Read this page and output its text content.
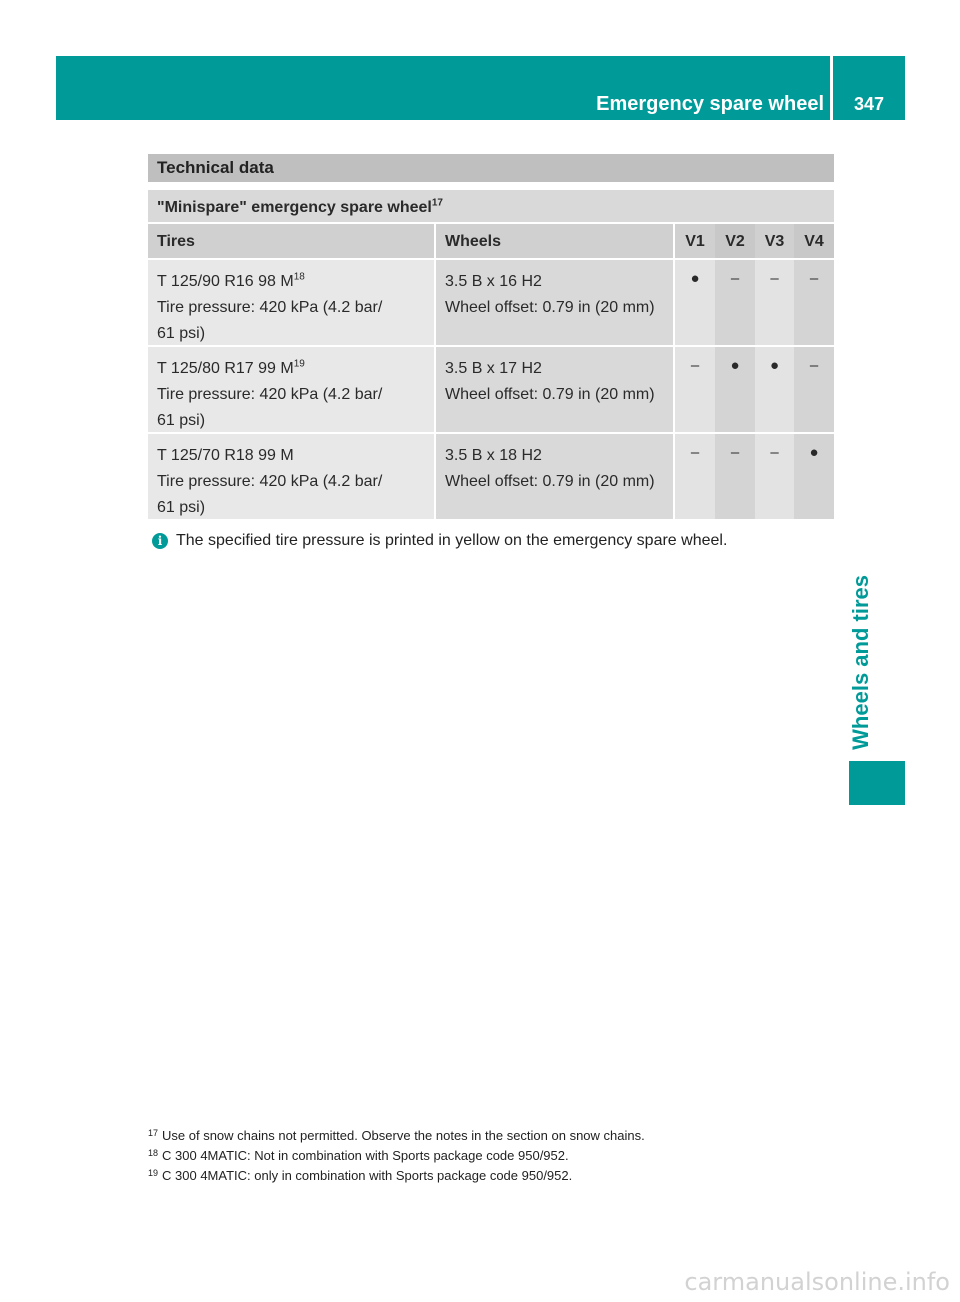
Emergency spare wheel	347
Wheels and tires
Technical data
"Minispare" emergency spare wheel$^{17}$
Tires	Wheels	V1	V2	V3	V4

T 125/90 R16 98 $M^{18}$
Tire pressure: 420 kPa (4.2 bar/
61 psi)	3.5 B x 16 H2
Wheel offset: 0.79 in (20 mm)	●	–	–	–

T 125/80 R17 99 $M^{19}$
Tire pressure: 420 kPa (4.2 bar/
61 psi)	3.5 B x 17 H2
Wheel offset: 0.79 in (20 mm)	–	●	●	–

T 125/70 R18 99 M
Tire pressure: 420 kPa (4.2 bar/
61 psi)	3.5 B x 18 H2
Wheel offset: 0.79 in (20 mm)	–	–	–	●
i The specified tire pressure is printed in yellow on the emergency spare wheel.
17 Use of snow chains not permitted. Observe the notes in the section on snow chains.
18 C 300 4MATIC: Not in combination with Sports package code 950/952.
19 C 300 4MATIC: only in combination with Sports package code 950/952.
carmanualsonline.info
